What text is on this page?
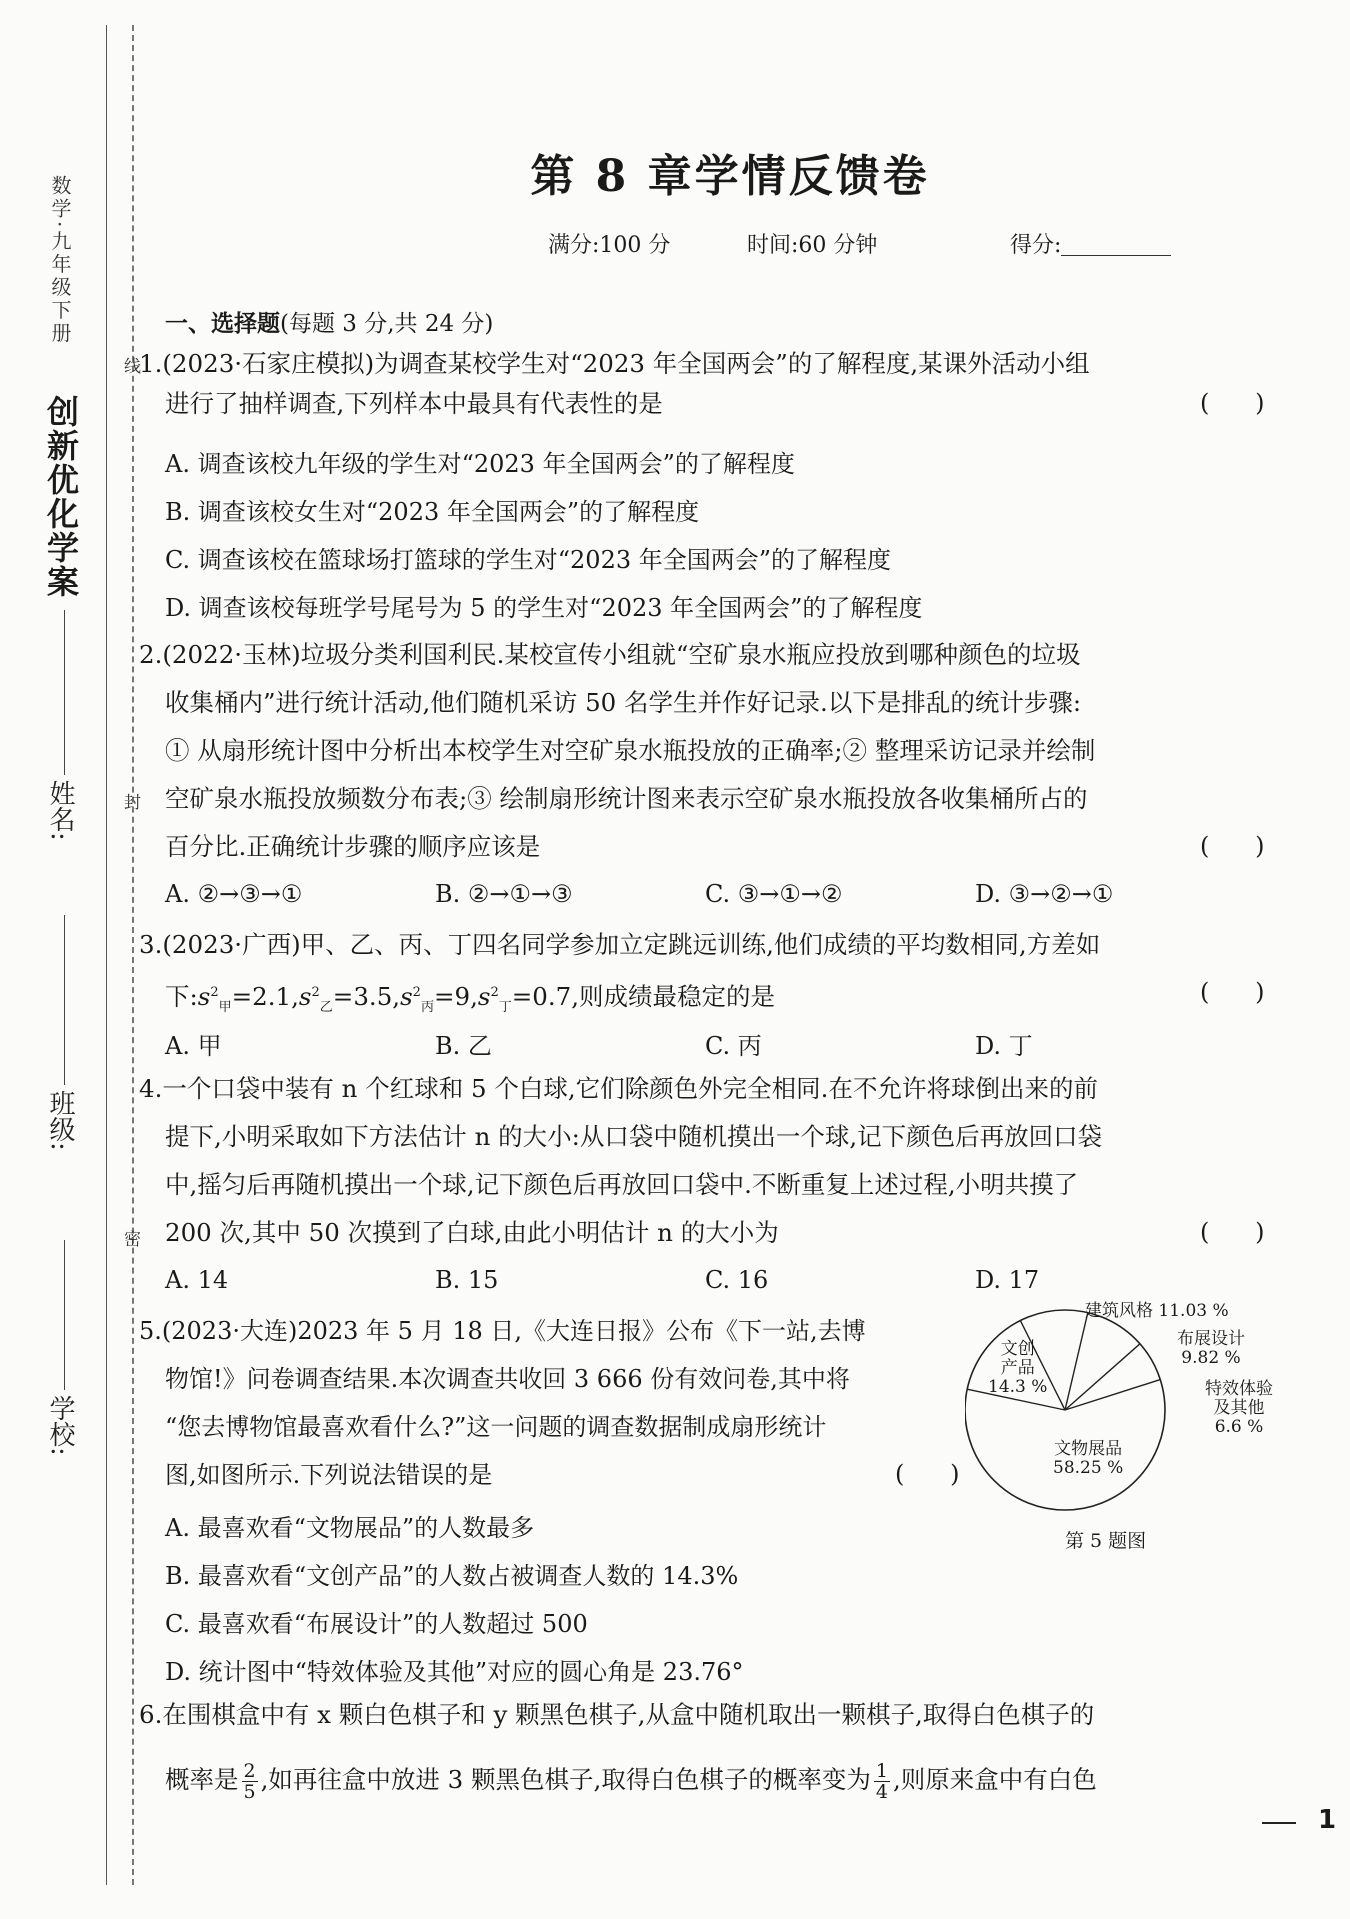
数学·九年级下册
创新优化学案
姓名:
班级:
学校:
线
封
密
第 8 章学情反馈卷
满分:100 分	时间:60 分钟	得分:
一、选择题(每题 3 分,共 24 分)
1.(2023·石家庄模拟)为调查某校学生对“2023 年全国两会”的了解程度,某课外活动小组
进行了抽样调查,下列样本中最具有代表性的是	(      )
A. 调查该校九年级的学生对“2023 年全国两会”的了解程度
B. 调查该校女生对“2023 年全国两会”的了解程度
C. 调查该校在篮球场打篮球的学生对“2023 年全国两会”的了解程度
D. 调查该校每班学号尾号为 5 的学生对“2023 年全国两会”的了解程度
2.(2022·玉林)垃圾分类利国利民.某校宣传小组就“空矿泉水瓶应投放到哪种颜色的垃圾
收集桶内”进行统计活动,他们随机采访 50 名学生并作好记录.以下是排乱的统计步骤:
① 从扇形统计图中分析出本校学生对空矿泉水瓶投放的正确率;② 整理采访记录并绘制
空矿泉水瓶投放频数分布表;③ 绘制扇形统计图来表示空矿泉水瓶投放各收集桶所占的
百分比.正确统计步骤的顺序应该是	(      )
A. ②→③→①	B. ②→①→③	C. ③→①→②	D. ③→②→①
3.(2023·广西)甲、乙、丙、丁四名同学参加立定跳远训练,他们成绩的平均数相同,方差如
下$:s^2_甲=2.1,s^2_乙=3.5,s^2_丙=9,s^2_丁=0.7$,则成绩最稳定的是	(      )
A. 甲	B. 乙	C. 丙	D. 丁
4.一个口袋中装有 n 个红球和 5 个白球,它们除颜色外完全相同.在不允许将球倒出来的前
提下,小明采取如下方法估计 n 的大小:从口袋中随机摸出一个球,记下颜色后再放回口袋
中,摇匀后再随机摸出一个球,记下颜色后再放回口袋中.不断重复上述过程,小明共摸了
200 次,其中 50 次摸到了白球,由此小明估计 n 的大小为	(      )
A. 14	B. 15	C. 16	D. 17
5.(2023·大连)2023 年 5 月 18 日,《大连日报》公布《下一站,去博
物馆!》问卷调查结果.本次调查共收回 3 666 份有效问卷,其中将
“您去博物馆最喜欢看什么?”这一问题的调查数据制成扇形统计
图,如图所示.下列说法错误的是	(      )
A. 最喜欢看“文物展品”的人数最多
B. 最喜欢看“文创产品”的人数占被调查人数的 14.3%
C. 最喜欢看“布展设计”的人数超过 500
D. 统计图中“特效体验及其他”对应的圆心角是 23.76°
建筑风格 11.03 %
布展设计
9.82 %
文创
产品
14.3 %	特效体验
及其他
6.6 %
文物展品
58.25 %
第 5 题图
6.在围棋盒中有 x 颗白色棋子和 y 颗黑色棋子,从盒中随机取出一颗棋子,取得白色棋子的
概率是 $\frac{2}{5}$ ,如再往盒中放进 3 颗黑色棋子,取得白色棋子的概率变为 $\frac{1}{4}$ ,则原来盒中有白色
1
